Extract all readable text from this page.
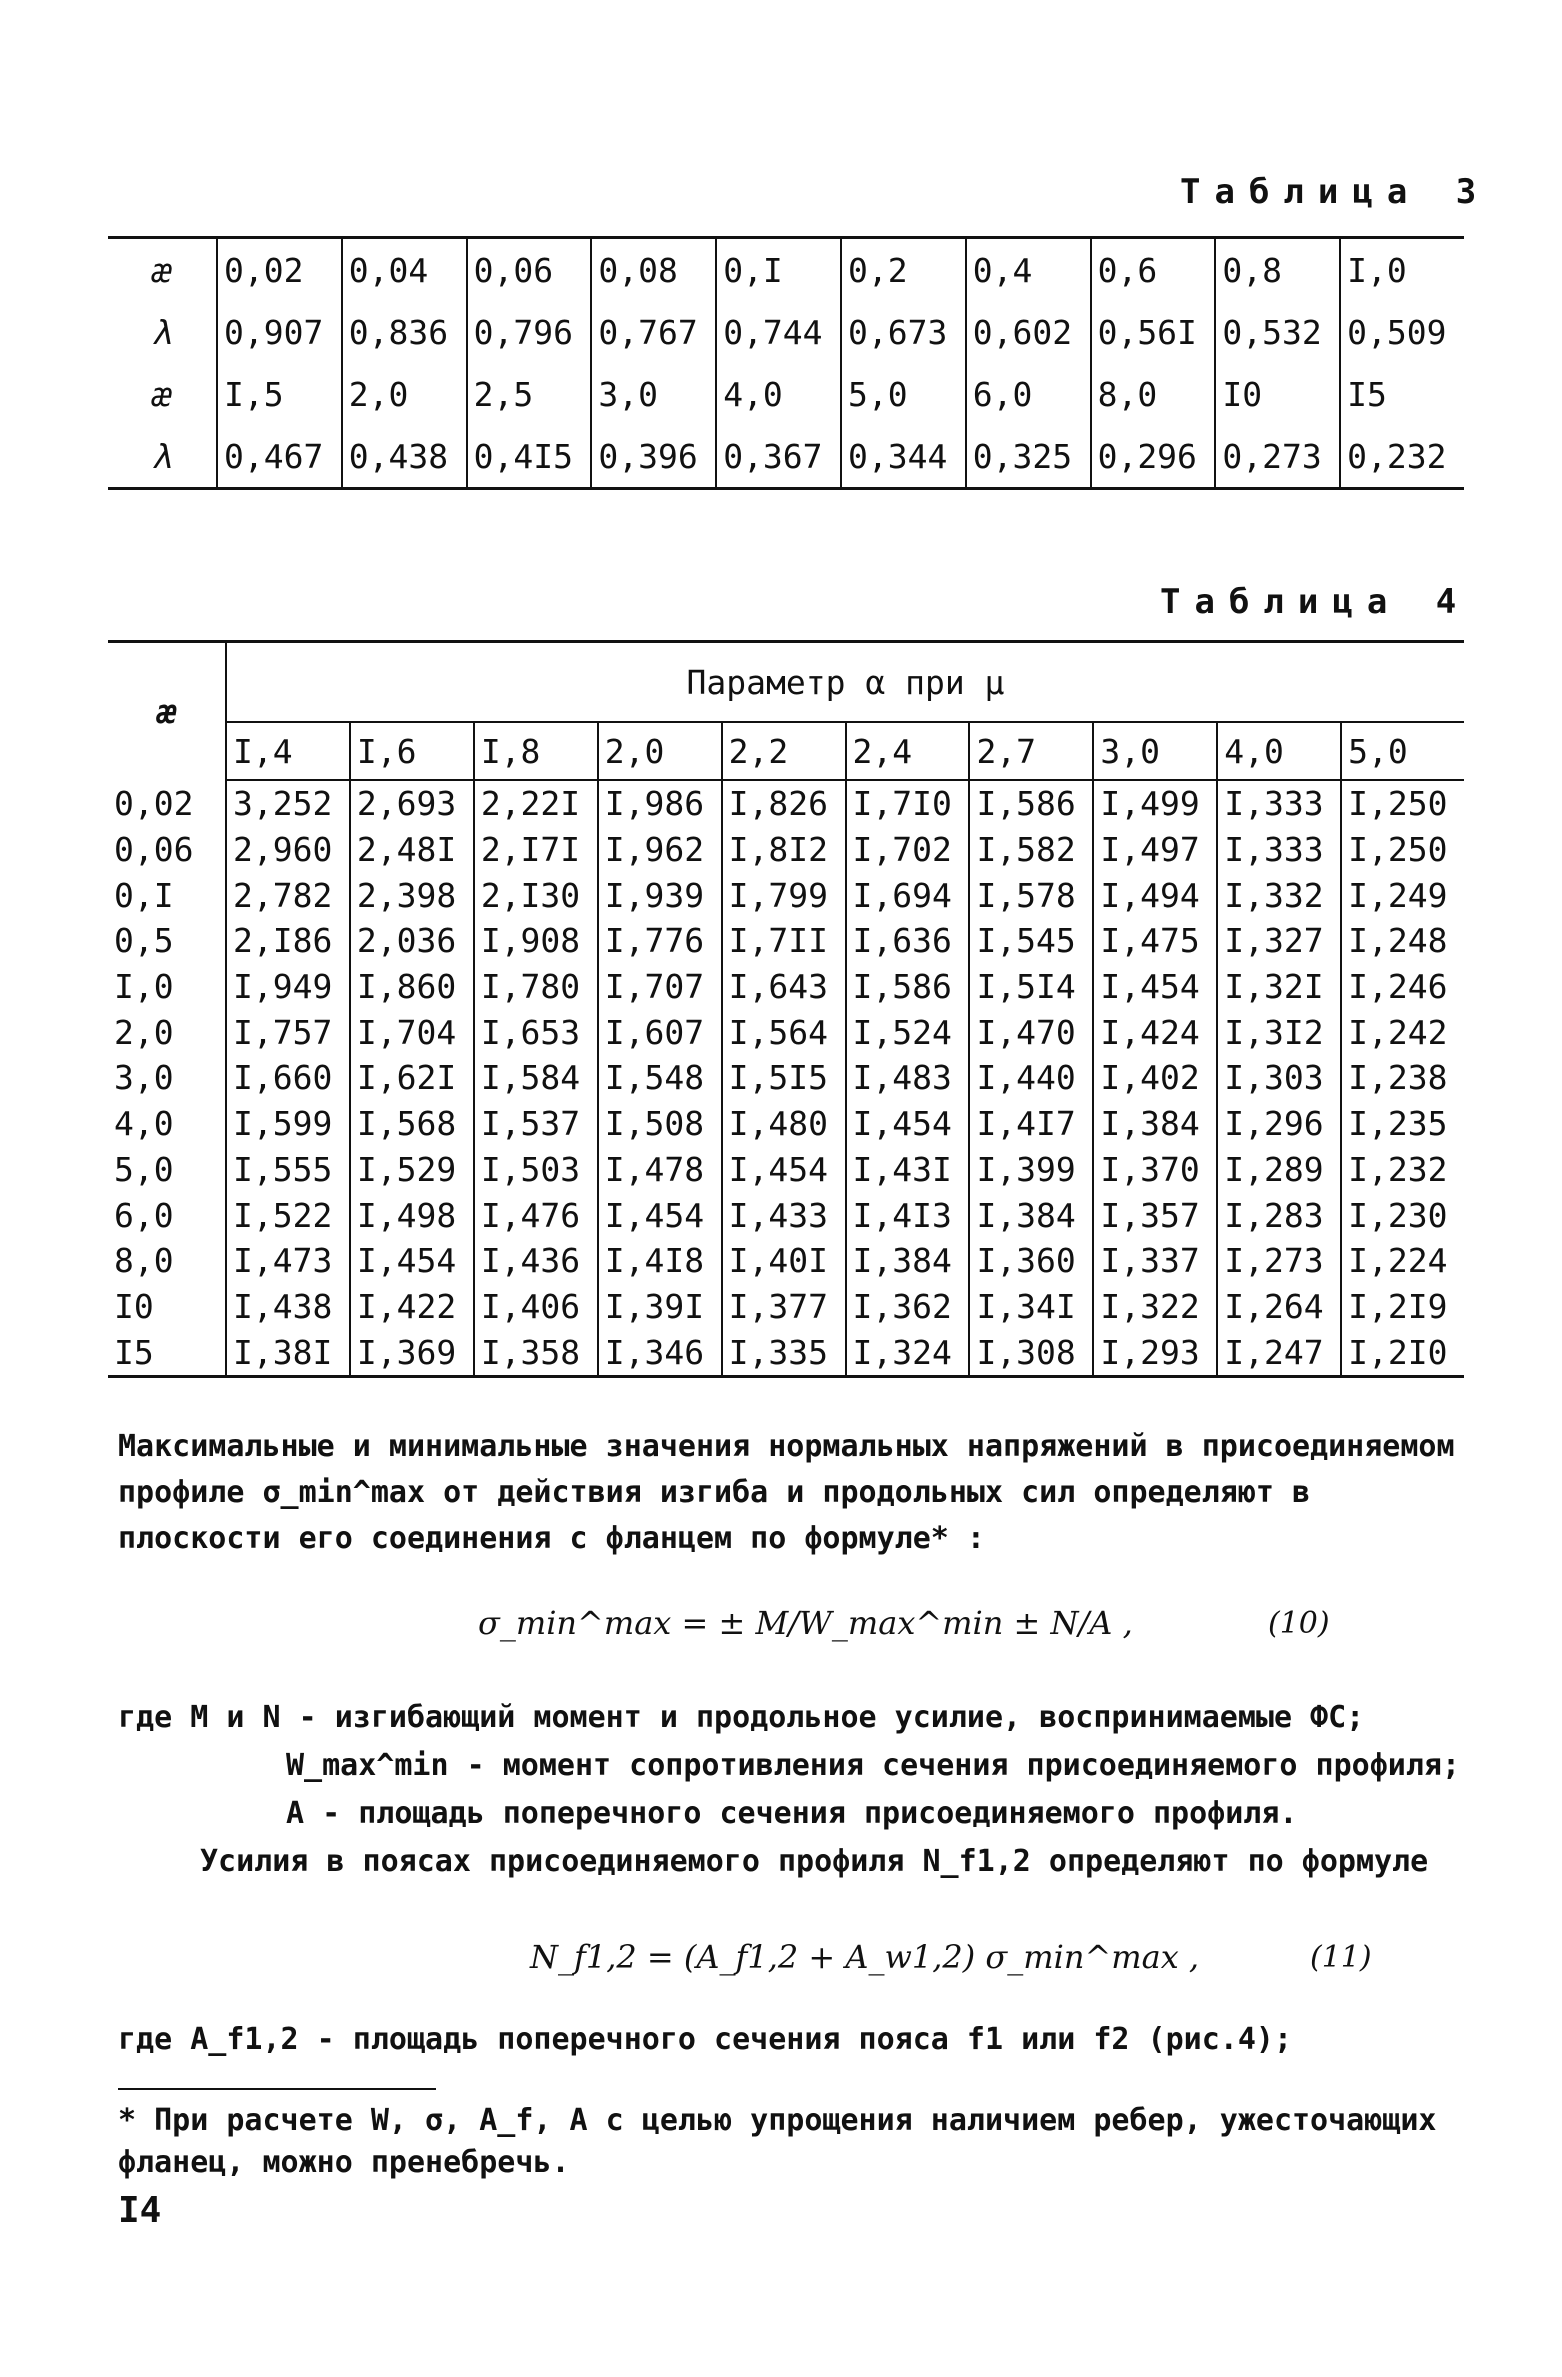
Таблица 3
æ	0,02	0,04	0,06	0,08	0,I	0,2	0,4	0,6	0,8	I,0
λ	0,907	0,836	0,796	0,767	0,744	0,673	0,602	0,56I	0,532	0,509
æ	I,5	2,0	2,5	3,0	4,0	5,0	6,0	8,0	I0	I5
λ	0,467	0,438	0,4I5	0,396	0,367	0,344	0,325	0,296	0,273	0,232
Таблица 4
æ	Параметр α при μ									
	I,4	I,6	I,8	2,0	2,2	2,4	2,7	3,0	4,0	5,0
0,02	3,252	2,693	2,22I	I,986	I,826	I,7I0	I,586	I,499	I,333	I,250
0,06	2,960	2,48I	2,I7I	I,962	I,8I2	I,702	I,582	I,497	I,333	I,250
0,I	2,782	2,398	2,I30	I,939	I,799	I,694	I,578	I,494	I,332	I,249
0,5	2,I86	2,036	I,908	I,776	I,7II	I,636	I,545	I,475	I,327	I,248
I,0	I,949	I,860	I,780	I,707	I,643	I,586	I,5I4	I,454	I,32I	I,246
2,0	I,757	I,704	I,653	I,607	I,564	I,524	I,470	I,424	I,3I2	I,242
3,0	I,660	I,62I	I,584	I,548	I,5I5	I,483	I,440	I,402	I,303	I,238
4,0	I,599	I,568	I,537	I,508	I,480	I,454	I,4I7	I,384	I,296	I,235
5,0	I,555	I,529	I,503	I,478	I,454	I,43I	I,399	I,370	I,289	I,232
6,0	I,522	I,498	I,476	I,454	I,433	I,4I3	I,384	I,357	I,283	I,230
8,0	I,473	I,454	I,436	I,4I8	I,40I	I,384	I,360	I,337	I,273	I,224
I0	I,438	I,422	I,406	I,39I	I,377	I,362	I,34I	I,322	I,264	I,2I9
I5	I,38I	I,369	I,358	I,346	I,335	I,324	I,308	I,293	I,247	I,2I0
Максимальные и минимальные значения нормальных напряжений в присоединяемом профиле σ_min^max от действия изгиба и продольных сил определяют в плоскости его соединения с фланцем по формуле* :
σ_min^max = ± M/W_max^min ± N/A ,	(10)
где M и N - изгибающий момент и продольное усилие, воспринимаемые ФС;
W_max^min - момент сопротивления сечения присоединяемого профиля;
A - площадь поперечного сечения присоединяемого профиля.
Усилия в поясах присоединяемого профиля N_f1,2 определяют по формуле
N_f1,2 = (A_f1,2 + A_w1,2) σ_min^max ,	(11)
где A_f1,2 - площадь поперечного сечения пояса f1 или f2 (рис.4);
* При расчете W, σ, A_f, A с целью упрощения наличием ребер, ужесточающих фланец, можно пренебречь.
I4
